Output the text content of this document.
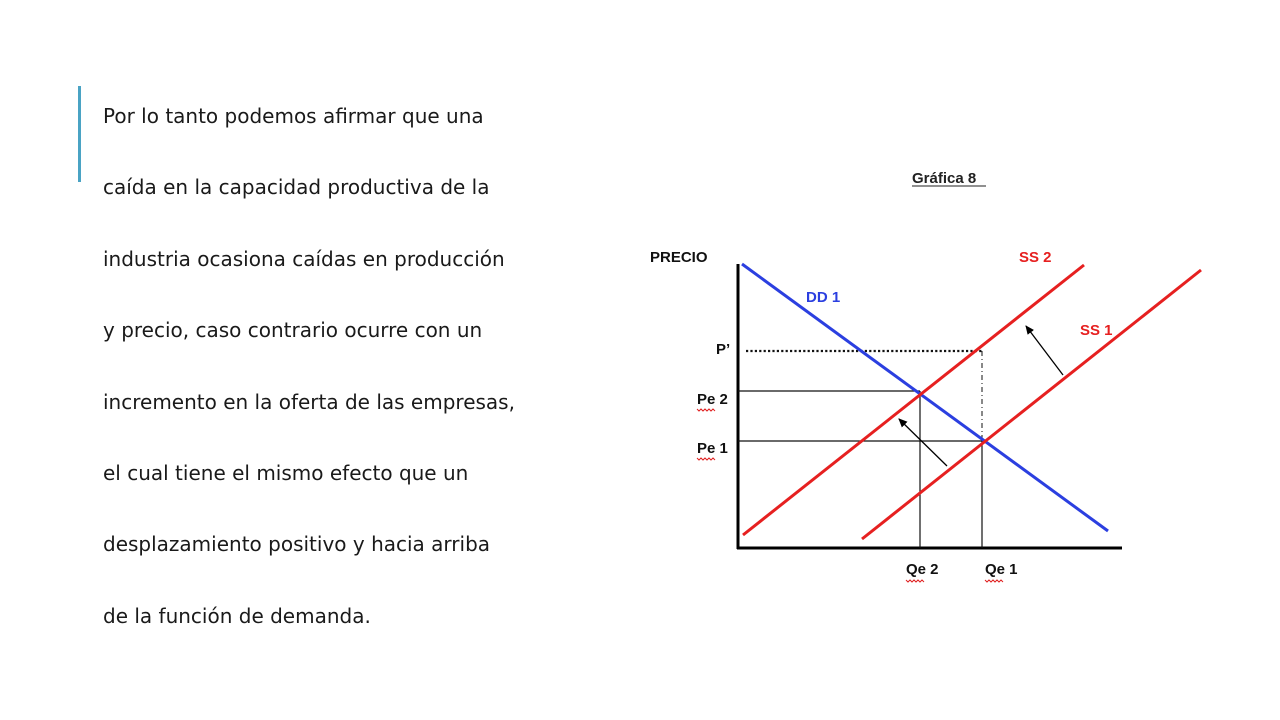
Por lo tanto podemos afirmar que una
caída en la capacidad productiva de la
industria ocasiona caídas en producción
y precio, caso contrario ocurre con un
incremento en la oferta de las empresas,
el cual tiene el mismo efecto que un
desplazamiento positivo y hacia arriba
de la función de demanda.
Gráfica 8
PRECIO
DD 1
SS 2
SS 1
P’
Pe 2
Pe 1
Qe 2	Qe 1
